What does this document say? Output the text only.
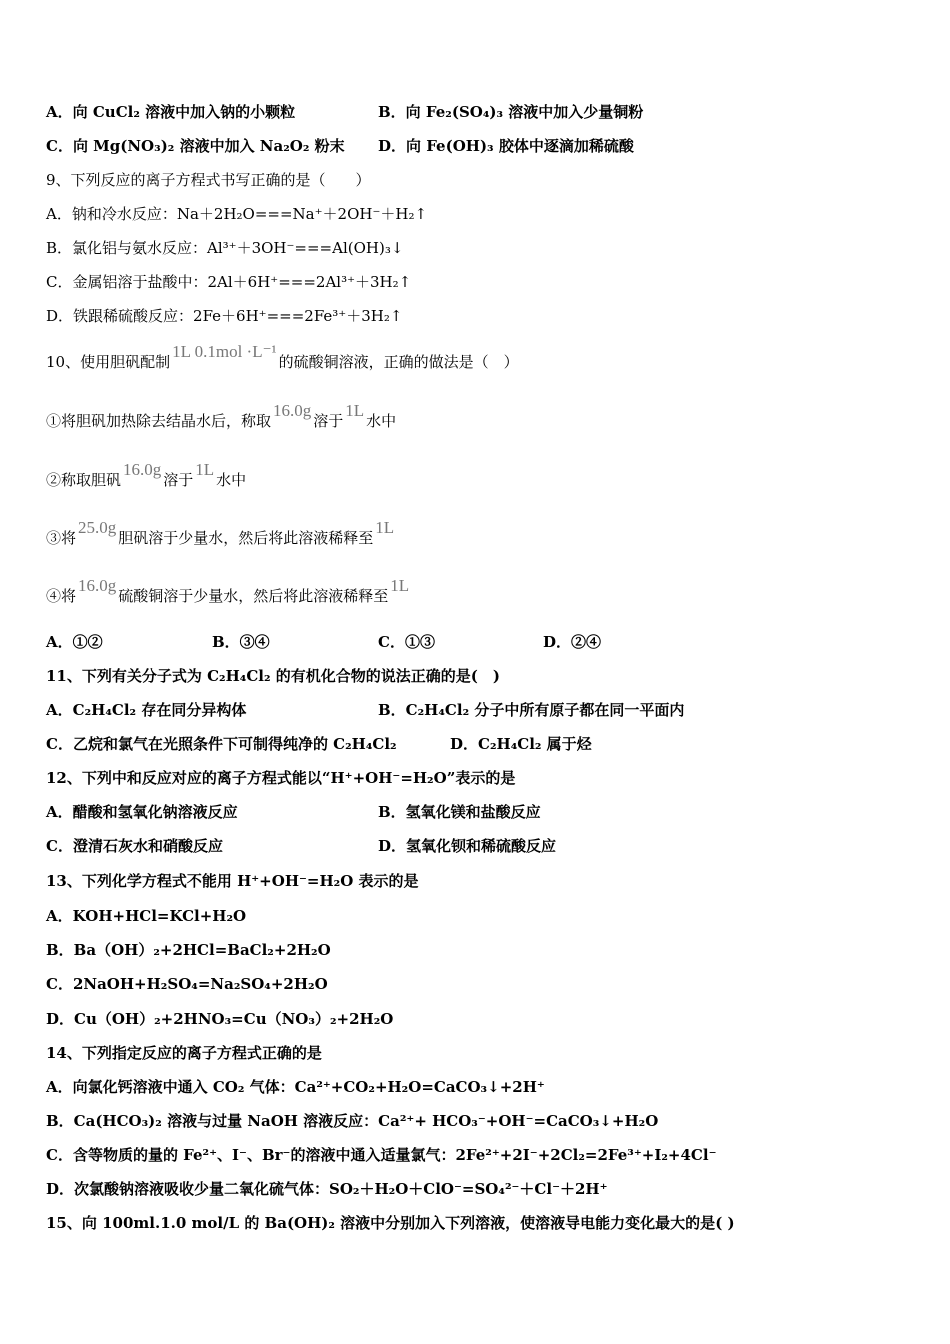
A．向 CuCl₂ 溶液中加入钠的小颗粒	B．向 Fe₂(SO₄)₃ 溶液中加入少量铜粉
C．向 Mg(NO₃)₂ 溶液中加入 Na₂O₂ 粉末 D．向 Fe(OH)₃ 胶体中逐滴加稀硫酸
9、下列反应的离子方程式书写正确的是（　　）
A．钠和冷水反应：Na＋2H₂O===Na⁺＋2OH⁻＋H₂↑
B．氯化铝与氨水反应：Al³⁺＋3OH⁻===Al(OH)₃↓
C．金属铝溶于盐酸中：2Al＋6H⁺===2Al³⁺＋3H₂↑
D．铁跟稀硫酸反应：2Fe＋6H⁺===2Fe³⁺＋3H₂↑
10、使用胆矾配制1L 0.1mol ·L⁻¹的硫酸铜溶液，正确的做法是（　）
①将胆矾加热除去结晶水后，称取16.0g溶于1L水中
②称取胆矾16.0g溶于1L水中
③将25.0g胆矾溶于少量水，然后将此溶液稀释至1L
④将16.0g硫酸铜溶于少量水，然后将此溶液稀释至1L
A．①②	B．③④	C．①③	D．②④
11、下列有关分子式为 C₂H₄Cl₂ 的有机化合物的说法正确的是(　)
A．C₂H₄Cl₂ 存在同分异构体	B．C₂H₄Cl₂ 分子中所有原子都在同一平面内
C．乙烷和氯气在光照条件下可制得纯净的 C₂H₄Cl₂	D．C₂H₄Cl₂ 属于烃
12、下列中和反应对应的离子方程式能以“H⁺+OH⁻=H₂O”表示的是
A．醋酸和氢氧化钠溶液反应	B．氢氧化镁和盐酸反应
C．澄清石灰水和硝酸反应	D．氢氧化钡和稀硫酸反应
13、下列化学方程式不能用 H⁺+OH⁻=H₂O 表示的是
A．KOH+HCl=KCl+H₂O
B．Ba（OH）₂+2HCl=BaCl₂+2H₂O
C．2NaOH+H₂SO₄=Na₂SO₄+2H₂O
D．Cu（OH）₂+2HNO₃=Cu（NO₃）₂+2H₂O
14、下列指定反应的离子方程式正确的是
A．向氯化钙溶液中通入 CO₂ 气体：Ca²⁺+CO₂+H₂O=CaCO₃↓+2H⁺
B．Ca(HCO₃)₂ 溶液与过量 NaOH 溶液反应：Ca²⁺+ HCO₃⁻+OH⁻=CaCO₃↓+H₂O
C．含等物质的量的 Fe²⁺、I⁻、Br⁻的溶液中通入适量氯气：2Fe²⁺+2I⁻+2Cl₂=2Fe³⁺+I₂+4Cl⁻
D．次氯酸钠溶液吸收少量二氧化硫气体：SO₂＋H₂O＋ClO⁻=SO₄²⁻＋Cl⁻＋2H⁺
15、向 100ml.1.0 mol/L 的 Ba(OH)₂ 溶液中分别加入下列溶液，使溶液导电能力变化最大的是( )
